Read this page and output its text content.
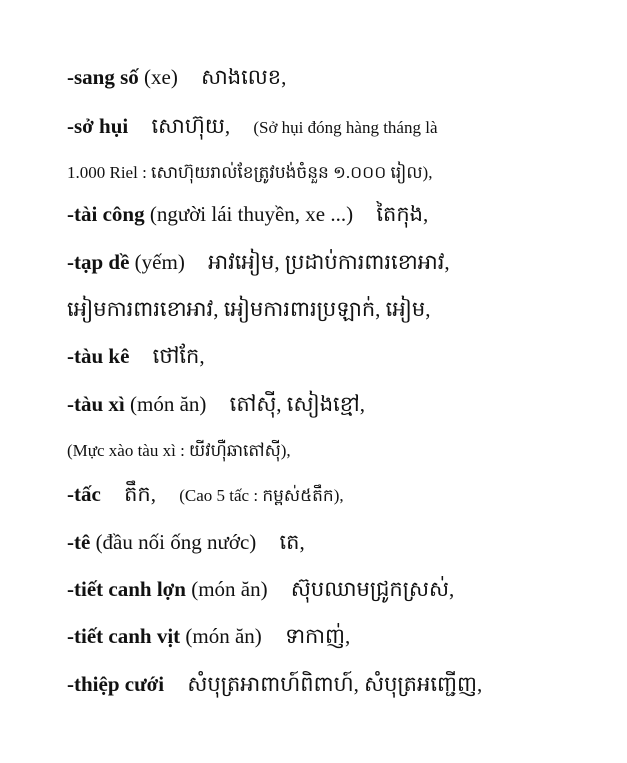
-sang số (xe) សាងលេខ,
-sở hụi សោហ៊ុយ, (Sở hụi đóng hàng tháng là
1.000 Riel : សោហ៊ុយរាល់ខែត្រូវបង់ចំនួន ១.០០០ រៀល),
-tài công (người lái thuyền, xe ...) តៃកុង,
-tạp dề (yếm) អាវអៀម, ប្រដាប់ការពារខោអាវ,
អៀមការពារខោអាវ, អៀមការពារប្រឡាក់, អៀម,
-tàu kê ថៅកែ,
-tàu xì (món ăn) តៅស៊ី, សៀងខ្មៅ,
(Mực xào tàu xì : យីវហ៊ឺឆាតៅស៊ី),
-tấc តឹក, (Cao 5 tấc : កម្ពស់៥តឹក),
-tê (đầu nối ống nước) តេ,
-tiết canh lợn (món ăn) ស៊ុបឈាមជ្រូកស្រស់,
-tiết canh vịt (món ăn) ទាកាញ់,
-thiệp cưới សំបុត្រអាពាហ៍ពិពាហ៍, សំបុត្រអញ្ជើញ,
